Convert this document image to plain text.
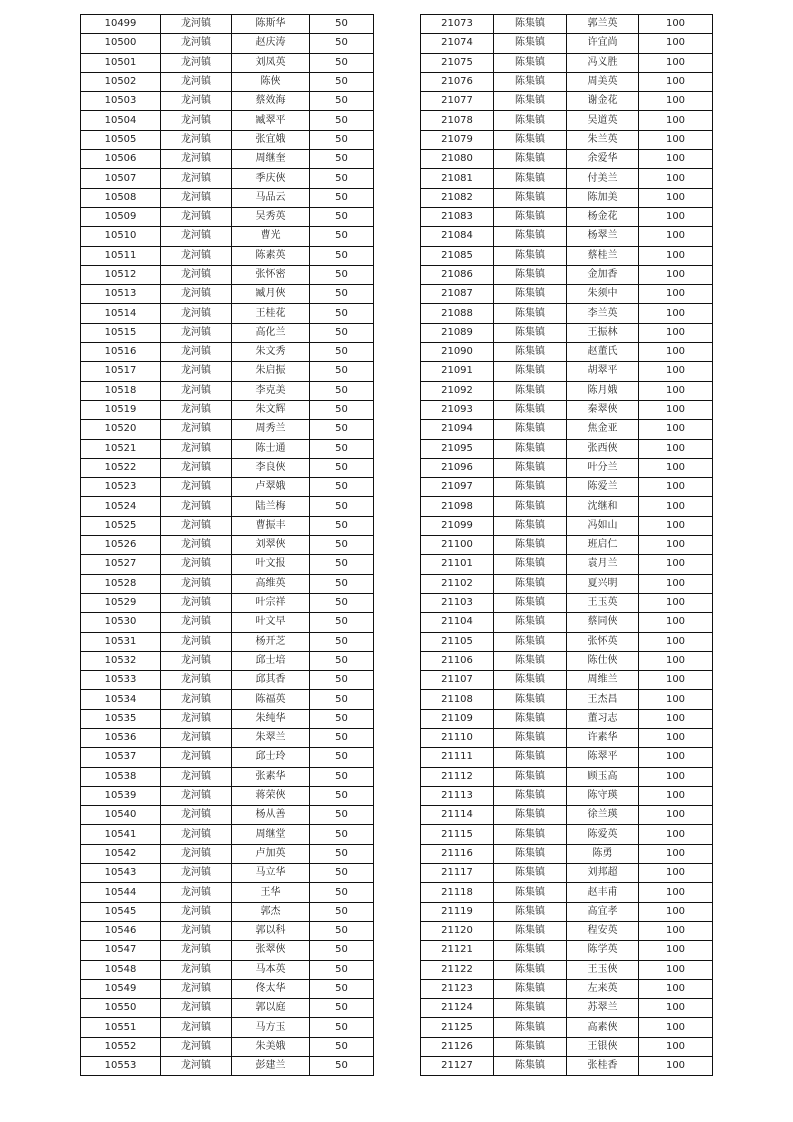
10499	龙河镇	陈斯华	50
10500	龙河镇	赵庆涛	50
10501	龙河镇	刘凤英	50
10502	龙河镇	陈俠	50
10503	龙河镇	蔡效海	50
10504	龙河镇	臧翠平	50
10505	龙河镇	张宜娥	50
10506	龙河镇	周继奎	50
10507	龙河镇	季庆俠	50
10508	龙河镇	马品云	50
10509	龙河镇	吴秀英	50
10510	龙河镇	曹光	50
10511	龙河镇	陈素英	50
10512	龙河镇	张怀密	50
10513	龙河镇	臧月俠	50
10514	龙河镇	王桂花	50
10515	龙河镇	高化兰	50
10516	龙河镇	朱文秀	50
10517	龙河镇	朱启振	50
10518	龙河镇	李克美	50
10519	龙河镇	朱文辉	50
10520	龙河镇	周秀兰	50
10521	龙河镇	陈士通	50
10522	龙河镇	李良俠	50
10523	龙河镇	卢翠娥	50
10524	龙河镇	陆兰梅	50
10525	龙河镇	曹振丰	50
10526	龙河镇	刘翠俠	50
10527	龙河镇	叶文报	50
10528	龙河镇	高维英	50
10529	龙河镇	叶宗祥	50
10530	龙河镇	叶文早	50
10531	龙河镇	杨开芝	50
10532	龙河镇	邱士培	50
10533	龙河镇	邱其香	50
10534	龙河镇	陈福英	50
10535	龙河镇	朱纯华	50
10536	龙河镇	朱翠兰	50
10537	龙河镇	邱士玲	50
10538	龙河镇	张素华	50
10539	龙河镇	蒋荣俠	50
10540	龙河镇	杨从善	50
10541	龙河镇	周继堂	50
10542	龙河镇	卢加英	50
10543	龙河镇	马立华	50
10544	龙河镇	王华	50
10545	龙河镇	郭杰	50
10546	龙河镇	郭以科	50
10547	龙河镇	张翠俠	50
10548	龙河镇	马本英	50
10549	龙河镇	佟太华	50
10550	龙河镇	郭以庭	50
10551	龙河镇	马方玉	50
10552	龙河镇	朱美娥	50
10553	龙河镇	彭建兰	50
21073	陈集镇	郭兰英	100
21074	陈集镇	许宜尚	100
21075	陈集镇	冯义胜	100
21076	陈集镇	周美英	100
21077	陈集镇	谢金花	100
21078	陈集镇	吴道英	100
21079	陈集镇	朱兰英	100
21080	陈集镇	余爱华	100
21081	陈集镇	付美兰	100
21082	陈集镇	陈加美	100
21083	陈集镇	杨金花	100
21084	陈集镇	杨翠兰	100
21085	陈集镇	蔡桂兰	100
21086	陈集镇	金加香	100
21087	陈集镇	朱须中	100
21088	陈集镇	李兰英	100
21089	陈集镇	王振林	100
21090	陈集镇	赵董氏	100
21091	陈集镇	胡翠平	100
21092	陈集镇	陈月娥	100
21093	陈集镇	秦翠俠	100
21094	陈集镇	焦金亚	100
21095	陈集镇	张西俠	100
21096	陈集镇	叶分兰	100
21097	陈集镇	陈爱兰	100
21098	陈集镇	沈继和	100
21099	陈集镇	冯如山	100
21100	陈集镇	班启仁	100
21101	陈集镇	袁月兰	100
21102	陈集镇	夏兴明	100
21103	陈集镇	王玉英	100
21104	陈集镇	蔡同俠	100
21105	陈集镇	张怀英	100
21106	陈集镇	陈仕俠	100
21107	陈集镇	周维兰	100
21108	陈集镇	王杰昌	100
21109	陈集镇	董习志	100
21110	陈集镇	许素华	100
21111	陈集镇	陈翠平	100
21112	陈集镇	顾玉高	100
21113	陈集镇	陈守瑛	100
21114	陈集镇	徐兰瑛	100
21115	陈集镇	陈爱英	100
21116	陈集镇	陈勇	100
21117	陈集镇	刘邦超	100
21118	陈集镇	赵丰甫	100
21119	陈集镇	高宜孝	100
21120	陈集镇	程安英	100
21121	陈集镇	陈学英	100
21122	陈集镇	王玉俠	100
21123	陈集镇	左来英	100
21124	陈集镇	苏翠兰	100
21125	陈集镇	高素俠	100
21126	陈集镇	王银俠	100
21127	陈集镇	张桂香	100
